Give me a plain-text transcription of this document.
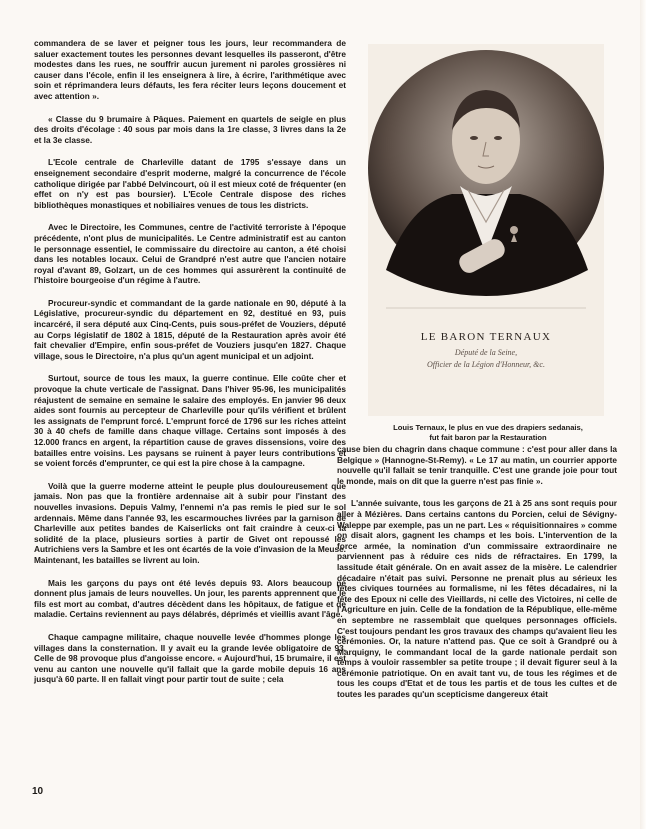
commandera de se laver et peigner tous les jours, leur recommandera de saluer exactement toutes les personnes devant lesquelles ils passeront, d'être modestes dans les rues, ne souffrir aucun jurement ni paroles grossières ni causer dans l'école, enfin il les enseignera à lire, à écrire, l'arithmétique avec soin et réprimandera leurs défauts, les fera réciter leurs leçons doucement et avec attention ».

« Classe du 9 brumaire à Pâques. Paiement en quartels de seigle en plus des droits d'écolage : 40 sous par mois dans la 1re classe, 3 livres dans la 2e et la 3e classe.

L'Ecole centrale de Charleville datant de 1795 s'essaye dans un enseignement secondaire d'esprit moderne, malgré la concurrence de l'école catholique dirigée par l'abbé Delvincourt, où il est mieux coté de fréquenter (en effet on n'y est pas boursier). L'Ecole Centrale dispose des riches bibliothèques monastiques et nobiliaires venues de tous les districts.

Avec le Directoire, les Communes, centre de l'activité terroriste à l'époque précédente, n'ont plus de municipalités. Le Centre administratif est au canton le personnage essentiel, le commissaire du directoire au canton, a été choisi dans les notables locaux. Celui de Grandpré n'est autre que l'ancien notaire royal d'avant 89, Golzart, un de ces hommes qui assurèrent la continuité de l'histoire bourgeoise d'un régime à l'autre.

Procureur-syndic et commandant de la garde nationale en 90, député à la Législative, procureur-syndic du département en 92, destitué en 93, puis incarcéré, il sera député aux Cinq-Cents, puis sous-préfet de Vouziers, député au Corps législatif de 1802 à 1815, député de la Restauration après avoir été fait chevalier d'Empire, enfin sous-préfet de Vouziers jusqu'en 1827. Chaque village, sous le Directoire, n'a plus qu'un agent municipal et un adjoint.

Surtout, source de tous les maux, la guerre continue. Elle coûte cher et provoque la chute verticale de l'assignat. Dans l'hiver 95-96, les municipalités réajustent de semaine en semaine le salaire des employés. En janvier 96 deux aides sont fournis au percepteur de Charleville pour qu'ils vérifient et brûlent les assignats de l'emprunt forcé. L'emprunt forcé de 1796 sur les riches atteint 30 à 40 chefs de famille dans chaque village. Certains sont imposés à des 12.000 francs en argent, la répartition cause de graves dissensions, voire des batailles entre voisins. Les paysans se ruinent à payer leurs contributions et se voient forcés d'emprunter, ce qui est la pire chose à la campagne.

Voilà que la guerre moderne atteint le peuple plus douloureusement que jamais. Non pas que la frontière ardennaise ait à subir pour l'instant des nouvelles invasions. Depuis Valmy, l'ennemi n'a pas remis le pied sur le sol ardennais. Même dans l'année 93, les escarmouches livrées par la garnison de Charleville aux petites bandes de Kaiserlicks ont fait craindre à ceux-ci la solidité de la place, plusieurs sorties à partir de Givet ont repoussé les Autrichiens vers la Sambre et les ont écartés de la voie d'invasion de la Meuse. Maintenant, les batailles se livrent au loin.

Mais les garçons du pays ont été levés depuis 93. Alors beaucoup ne donnent plus jamais de leurs nouvelles. Un jour, les parents apprennent que le fils est mort au combat, d'autres décèdent dans les hôpitaux, de fatigue et de maladie. Certains reviennent au pays délabrés, déprimés et vieillis avant l'âge.

Chaque campagne militaire, chaque nouvelle levée d'hommes plonge les villages dans la consternation. Il y avait eu la grande levée obligatoire de 93. Celle de 98 provoque plus d'angoisse encore. « Aujourd'hui, 15 brumaire, il est venu au canton une nouvelle qu'il fallait que la garde mobile depuis 16 ans jusqu'à 60 parte. Il en fallait vingt pour partir tout de suite ; cela

LE BARON TERNAUX
Député de la Seine,
Officier de la Légion d'Honneur, &c.
Louis Ternaux, le plus en vue des drapiers sedanais,
fut fait baron par la Restauration

cause bien du chagrin dans chaque commune : c'est pour aller dans la Belgique » (Hannogne-St-Remy). « Le 17 au matin, un courrier apporte nouvelle qu'il fallait se tenir tranquille. C'est une grande joie pour tout le monde, mais on dit que la guerre n'est pas finie ».

L'année suivante, tous les garçons de 21 à 25 ans sont requis pour aller à Mézières. Dans certains cantons du Porcien, celui de Sévigny-Waleppe par exemple, pas un ne part. Les « réquisitionnaires » comme on disait alors, gagnent les champs et les bois. L'intervention de la force armée, la nomination d'un commissaire extraordinaire ne parviennent pas à réduire ces nids de réfractaires. En 1799, la lassitude était générale. On en avait assez de la misère. Le calendrier décadaire n'était pas suivi. Personne ne prenait plus au sérieux les fêtes civiques tournées au formalisme, ni les fêtes décadaires, ni la fête des Epoux ni celle des Vieillards, ni celle des Victoires, ni celle de l'Agriculture en juin. Celle de la fondation de la République, elle-même en septembre ne rassemblait que quelques personnages officiels. C'est toujours pendant les gros travaux des champs qu'avaient lieu les cérémonies. Or, la nature n'attend pas. Que ce soit à Grandpré ou à Marquigny, le commandant local de la garde nationale perdait son temps à vouloir rassembler sa petite troupe ; il devait figurer seul à la cérémonie patriotique. On en avait tant vu, de tous les régimes et de tous les coups d'Etat et de tous les partis et de tous les cultes et de toutes les parades qu'un scepticisme dangereux était

10
